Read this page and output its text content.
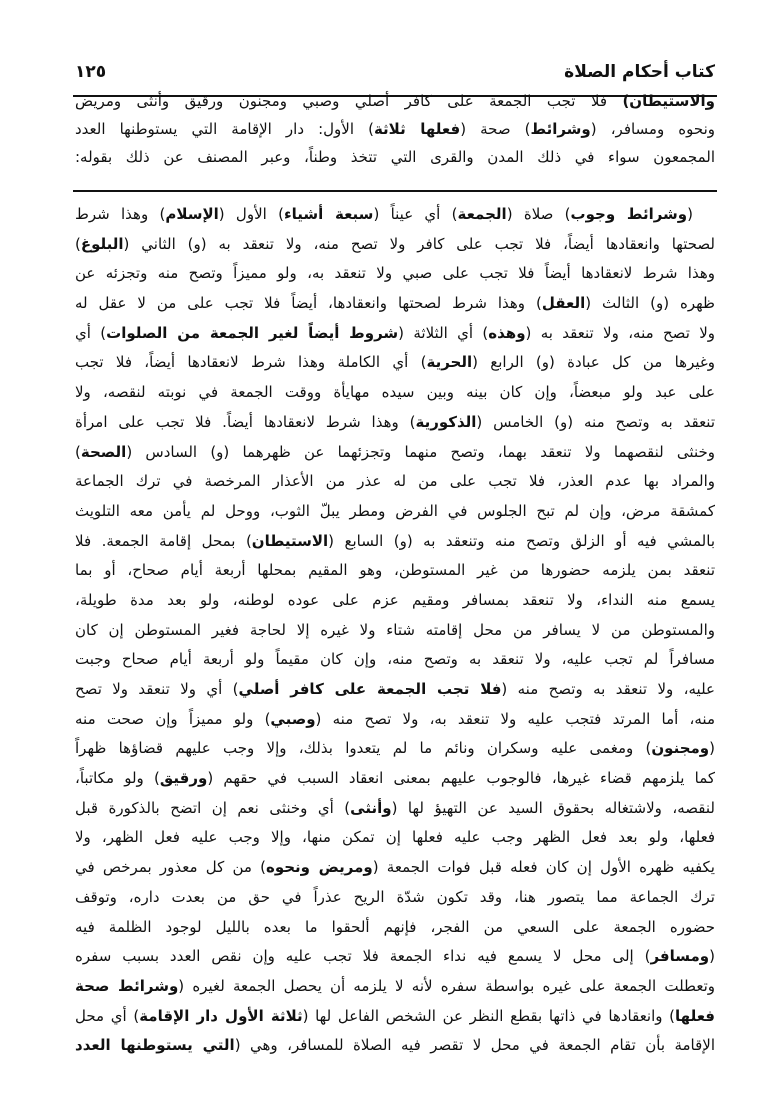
كتاب أحكام الصلاة
١٢٥
والاستيطان) فلا تجب الجمعة على كافر أصلي وصبي ومجنون ورقيق وأنثى ومريض
ونحوه ومسافر، (وشرائط) صحة (فعلها ثلاثة) الأول: دار الإقامة التي يستوطنها العدد
المجمعون سواء في ذلك المدن والقرى التي تتخذ وطناً، وعبر المصنف عن ذلك بقوله:
(وشرائط وجوب) صلاة (الجمعة) أي عيناً (سبعة أشياء) الأول (الإسلام) وهذا شرط
لصحتها وانعقادها أيضاً، فلا تجب على كافر ولا تصح منه، ولا تنعقد به (و) الثاني (البلوغ)
وهذا شرط لانعقادها أيضاً فلا تجب على صبي ولا تنعقد به، ولو مميزاً وتصح منه وتجزئه عن
ظهره (و) الثالث (العقل) وهذا شرط لصحتها وانعقادها، أيضاً فلا تجب على من لا عقل له
ولا تصح منه، ولا تنعقد به (وهذه) أي الثلاثة (شروط أيضاً لغير الجمعة من الصلوات) أي
وغيرها من كل عبادة (و) الرابع (الحرية) أي الكاملة وهذا شرط لانعقادها أيضاً، فلا تجب
على عبد ولو مبعضاً، وإن كان بينه وبين سيده مهايأة ووقت الجمعة في نوبته لنقصه، ولا
تنعقد به وتصح منه (و) الخامس (الذكورية) وهذا شرط لانعقادها أيضاً. فلا تجب على امرأة
وخنثى لنقصهما ولا تنعقد بهما، وتصح منهما وتجزئهما عن ظهرهما (و) السادس (الصحة)
والمراد بها عدم العذر، فلا تجب على من له عذر من الأعذار المرخصة في ترك الجماعة
كمشقة مرض، وإن لم تبح الجلوس في الفرض ومطر يبلّ الثوب، ووحل لم يأمن معه التلويث
بالمشي فيه أو الزلق وتصح منه وتنعقد به (و) السابع (الاستيطان) بمحل إقامة الجمعة. فلا
تنعقد بمن يلزمه حضورها من غير المستوطن، وهو المقيم بمحلها أربعة أيام صحاح، أو بما
يسمع منه النداء، ولا تنعقد بمسافر ومقيم عزم على عوده لوطنه، ولو بعد مدة طويلة،
والمستوطن من لا يسافر من محل إقامته شتاء ولا غيره إلا لحاجة فغير المستوطن إن كان
مسافراً لم تجب عليه، ولا تنعقد به وتصح منه، وإن كان مقيماً ولو أربعة أيام صحاح وجبت
عليه، ولا تنعقد به وتصح منه (فلا تجب الجمعة على كافر أصلي) أي ولا تنعقد ولا تصح
منه، أما المرتد فتجب عليه ولا تنعقد به، ولا تصح منه (وصبي) ولو مميزاً وإن صحت منه
(ومجنون) ومغمى عليه وسكران ونائم ما لم يتعدوا بذلك، وإلا وجب عليهم قضاؤها ظهراً
كما يلزمهم قضاء غيرها، فالوجوب عليهم بمعنى انعقاد السبب في حقهم (ورقيق) ولو مكاتباً،
لنقصه، ولاشتغاله بحقوق السيد عن التهيؤ لها (وأنثى) أي وخنثى نعم إن اتضح بالذكورة قبل
فعلها، ولو بعد فعل الظهر وجب عليه فعلها إن تمكن منها، وإلا وجب عليه فعل الظهر، ولا
يكفيه ظهره الأول إن كان فعله قبل فوات الجمعة (ومريض ونحوه) من كل معذور بمرخص في
ترك الجماعة مما يتصور هنا، وقد تكون شدّة الريح عذراً في حق من بعدت داره، وتوقف
حضوره الجمعة على السعي من الفجر، فإنهم ألحقوا ما بعده بالليل لوجود الظلمة فيه
(ومسافر) إلى محل لا يسمع فيه نداء الجمعة فلا تجب عليه وإن نقص العدد بسبب سفره
وتعطلت الجمعة على غيره بواسطة سفره لأنه لا يلزمه أن يحصل الجمعة لغيره (وشرائط صحة
فعلها) وانعقادها في ذاتها بقطع النظر عن الشخص الفاعل لها (ثلاثة الأول دار الإقامة) أي محل
الإقامة بأن تقام الجمعة في محل لا تقصر فيه الصلاة للمسافر، وهي (التي يستوطنها العدد
